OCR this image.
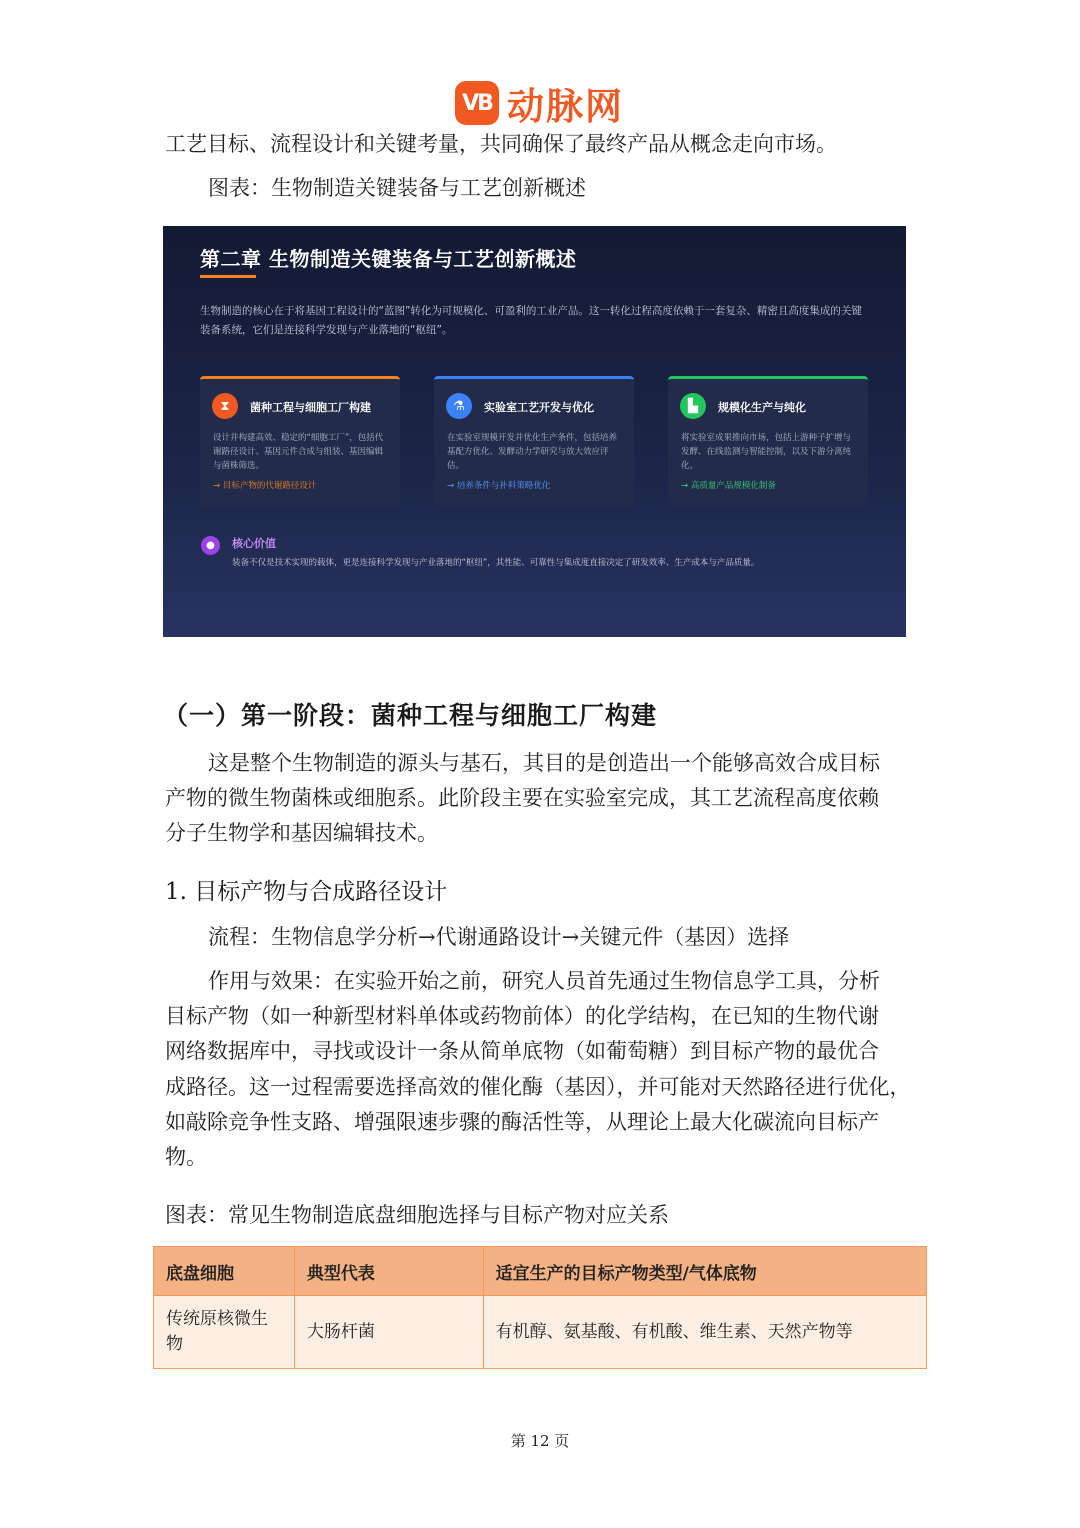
VB 动脉网
工艺目标、流程设计和关键考量，共同确保了最终产品从概念走向市场。
图表：生物制造关键装备与工艺创新概述
第二章 生物制造关键装备与工艺创新概述
生物制造的核心在于将基因工程设计的“蓝图”转化为可规模化、可盈利的工业产品。这一转化过程高度依赖于一套复杂、精密且高度集成的关键装备系统，它们是连接科学发现与产业落地的“枢纽”。
⧗	菌种工程与细胞工厂构建
设计并构建高效、稳定的“细胞工厂”，包括代谢路径设计、基因元件合成与组装、基因编辑与菌株筛选。
→ 目标产物的代谢路径设计
⚗	实验室工艺开发与优化
在实验室规模开发并优化生产条件，包括培养基配方优化、发酵动力学研究与放大效应评估。
→ 培养条件与补料策略优化
▙	规模化生产与纯化
将实验室成果推向市场，包括上游种子扩增与发酵、在线监测与智能控制，以及下游分离纯化。
→ 高质量产品规模化制备
●	核心价值
装备不仅是技术实现的载体，更是连接科学发现与产业落地的“枢纽”，其性能、可靠性与集成度直接决定了研发效率、生产成本与产品质量。
（一）第一阶段：菌种工程与细胞工厂构建
这是整个生物制造的源头与基石，其目的是创造出一个能够高效合成目标
产物的微生物菌株或细胞系。此阶段主要在实验室完成，其工艺流程高度依赖
分子生物学和基因编辑技术。
1. 目标产物与合成路径设计
流程：生物信息学分析→代谢通路设计→关键元件（基因）选择
作用与效果：在实验开始之前，研究人员首先通过生物信息学工具，分析
目标产物（如一种新型材料单体或药物前体）的化学结构，在已知的生物代谢
网络数据库中，寻找或设计一条从简单底物（如葡萄糖）到目标产物的最优合
成路径。这一过程需要选择高效的催化酶（基因），并可能对天然路径进行优化，
如敲除竞争性支路、增强限速步骤的酶活性等，从理论上最大化碳流向目标产
物。
图表：常见生物制造底盘细胞选择与目标产物对应关系
底盘细胞	典型代表	适宜生产的目标产物类型/气体底物
传统原核微生物	大肠杆菌	有机醇、氨基酸、有机酸、维生素、天然产物等
第 12 页
